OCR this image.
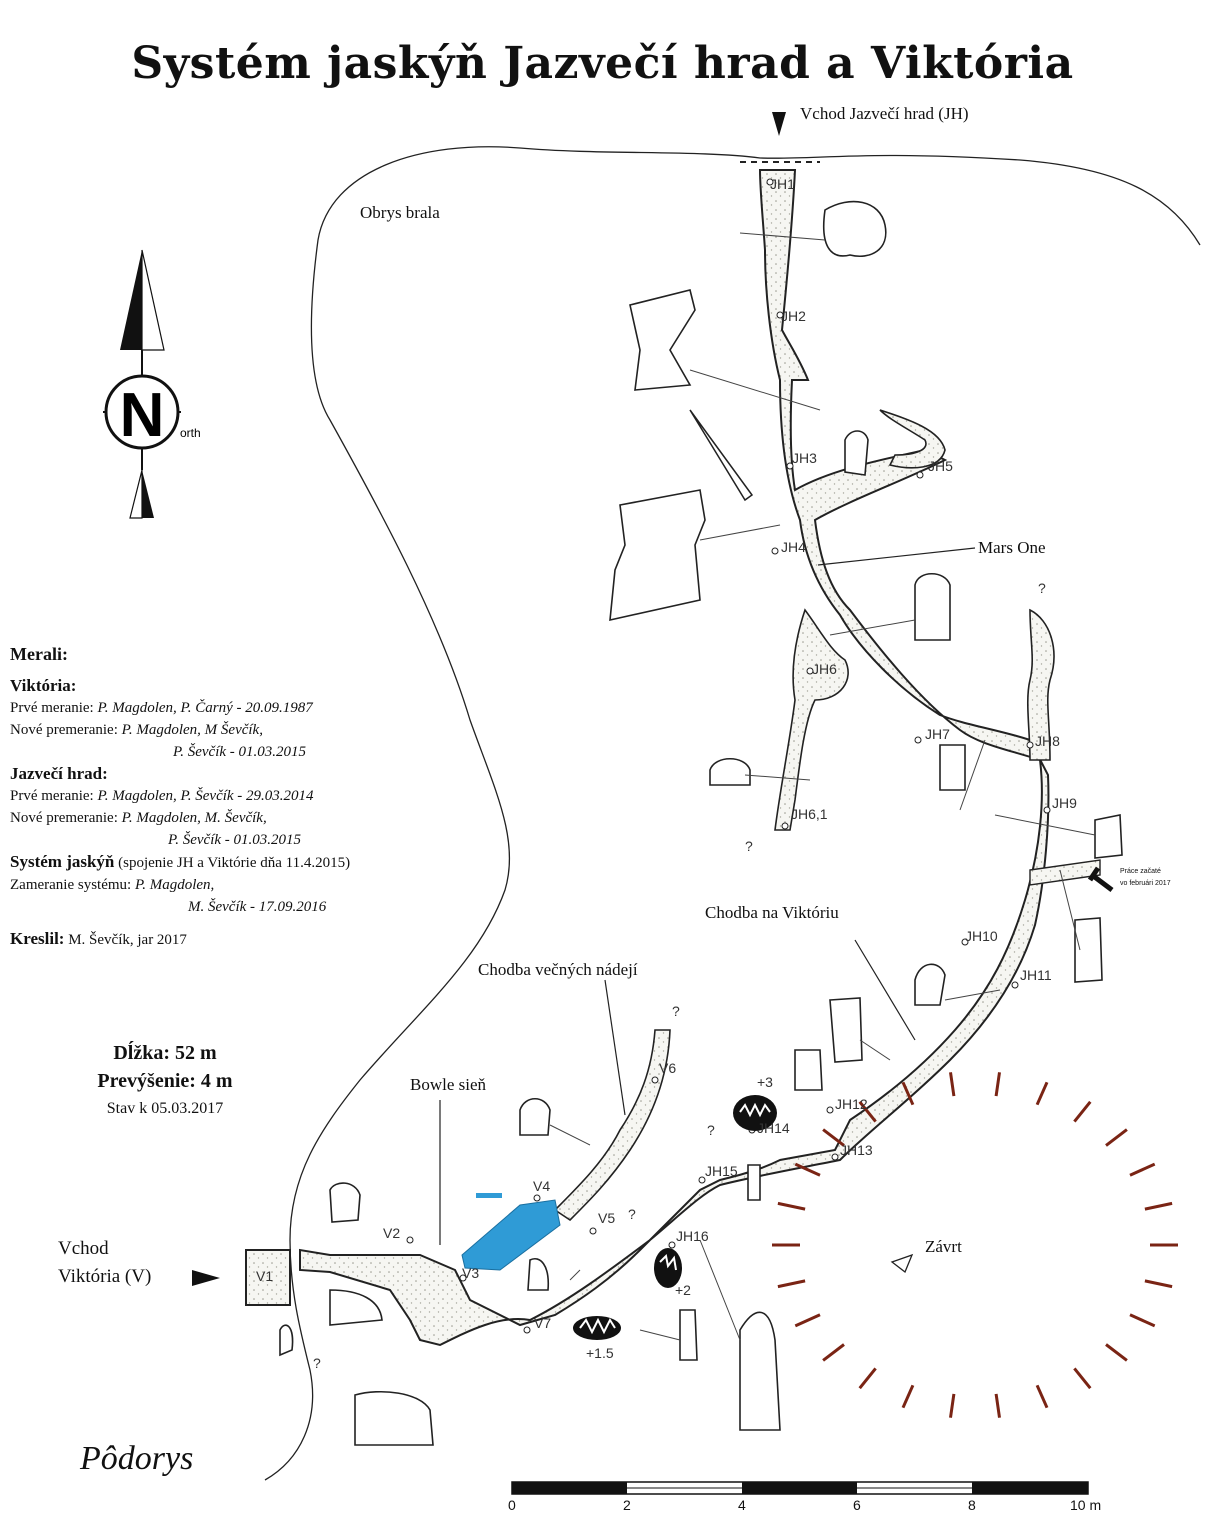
N orth
Systém jaskýň Jazvečí hrad a Viktória
Vchod Jazvečí hrad (JH)
Obrys brala
Mars One
Chodba na Viktóriu
Chodba večných nádejí
Bowle sieň
Vchod
Viktória (V)
Závrt
Práce začaté
vo februári 2017
JH1
JH2
JH3	JH5
JH4
JH6
JH7	JH8
JH9
JH6,1
JH10
JH11
JH12
JH13
JH14
JH15
JH16
V1
V2
V3
V4
V5
V6
V7
+3
+2
+1.5
?
?
?
?
?
?
Merali:
Viktória:
Prvé meranie: P. Magdolen, P. Čarný - 20.09.1987
Nové premeranie: P. Magdolen, M Ševčík,
P. Ševčík - 01.03.2015
Jazvečí hrad:
Prvé meranie: P. Magdolen, P. Ševčík - 29.03.2014
Nové premeranie: P. Magdolen, M. Ševčík,
P. Ševčík - 01.03.2015
Systém jaskýň (spojenie JH a Viktórie dňa 11.4.2015)
Zameranie systému: P. Magdolen,
M. Ševčík - 17.09.2016
Kreslil: M. Ševčík, jar 2017
Dĺžka: 52 m
Prevýšenie: 4 m
Stav k 05.03.2017
Pôdorys
0	2	4	6	8	10 m
